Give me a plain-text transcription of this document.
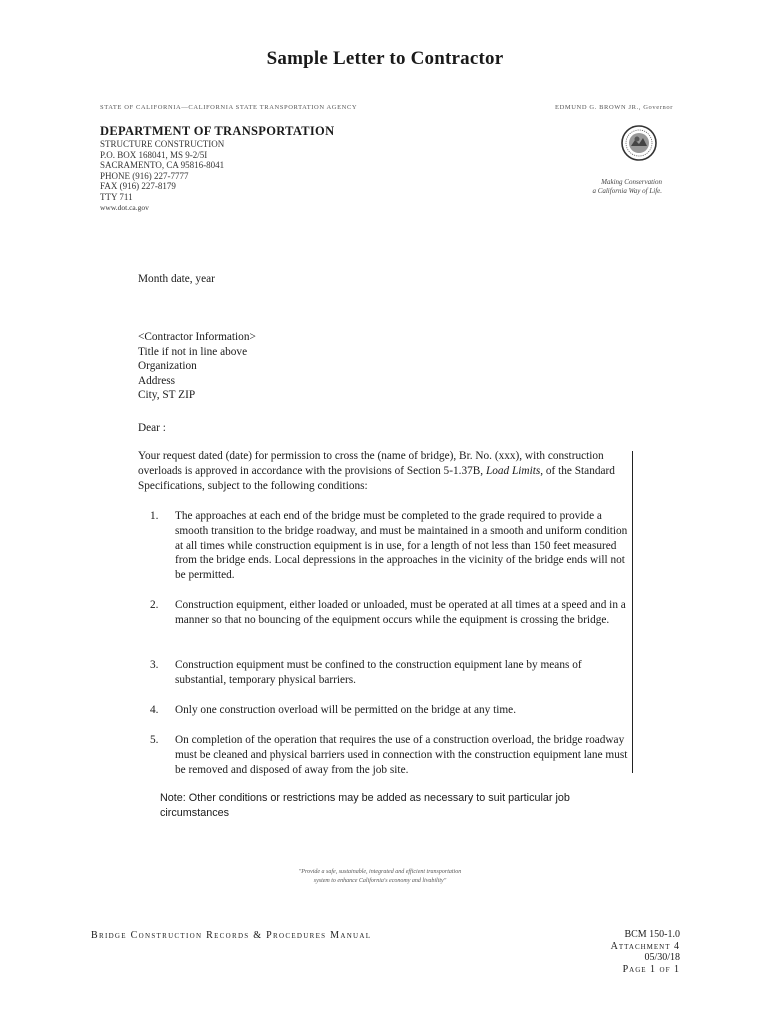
Sample Letter to Contractor
STATE OF CALIFORNIA—CALIFORNIA STATE TRANSPORTATION AGENCY	EDMUND G. BROWN JR., Governor
DEPARTMENT OF TRANSPORTATION
STRUCTURE CONSTRUCTION
P.O. BOX 168041, MS 9-2/5I
SACRAMENTO, CA 95816-8041
PHONE (916) 227-7777
FAX (916) 227-8179
TTY 711
www.dot.ca.gov
Making Conservation
a California Way of Life.
Month date, year
<Contractor Information>
Title if not in line above
Organization
Address
City, ST ZIP
Dear :
Your request dated (date) for permission to cross the (name of bridge), Br. No. (xxx), with construction overloads is approved in accordance with the provisions of Section 5-1.37B, Load Limits, of the Standard Specifications, subject to the following conditions:
1.	The approaches at each end of the bridge must be completed to the grade required to provide a smooth transition to the bridge roadway, and must be maintained in a smooth and uniform condition at all times while construction equipment is in use, for a length of not less than 150 feet measured from the bridge ends. Local depressions in the approaches in the vicinity of the bridge ends will not be permitted.
2.	Construction equipment, either loaded or unloaded, must be operated at all times at a speed and in a manner so that no bouncing of the equipment occurs while the equipment is crossing the bridge.
3.	Construction equipment must be confined to the construction equipment lane by means of substantial, temporary physical barriers.
4.	Only one construction overload will be permitted on the bridge at any time.
5.	On completion of the operation that requires the use of a construction overload, the bridge roadway must be cleaned and physical barriers used in connection with the construction equipment lane must be removed and disposed of away from the job site.
Note: Other conditions or restrictions may be added as necessary to suit particular job circumstances
"Provide a safe, sustainable, integrated and efficient transportation
system to enhance California's economy and livability"
Bridge Construction Records & Procedures Manual	BCM 150-1.0
Attachment 4
05/30/18
Page 1 of 1
